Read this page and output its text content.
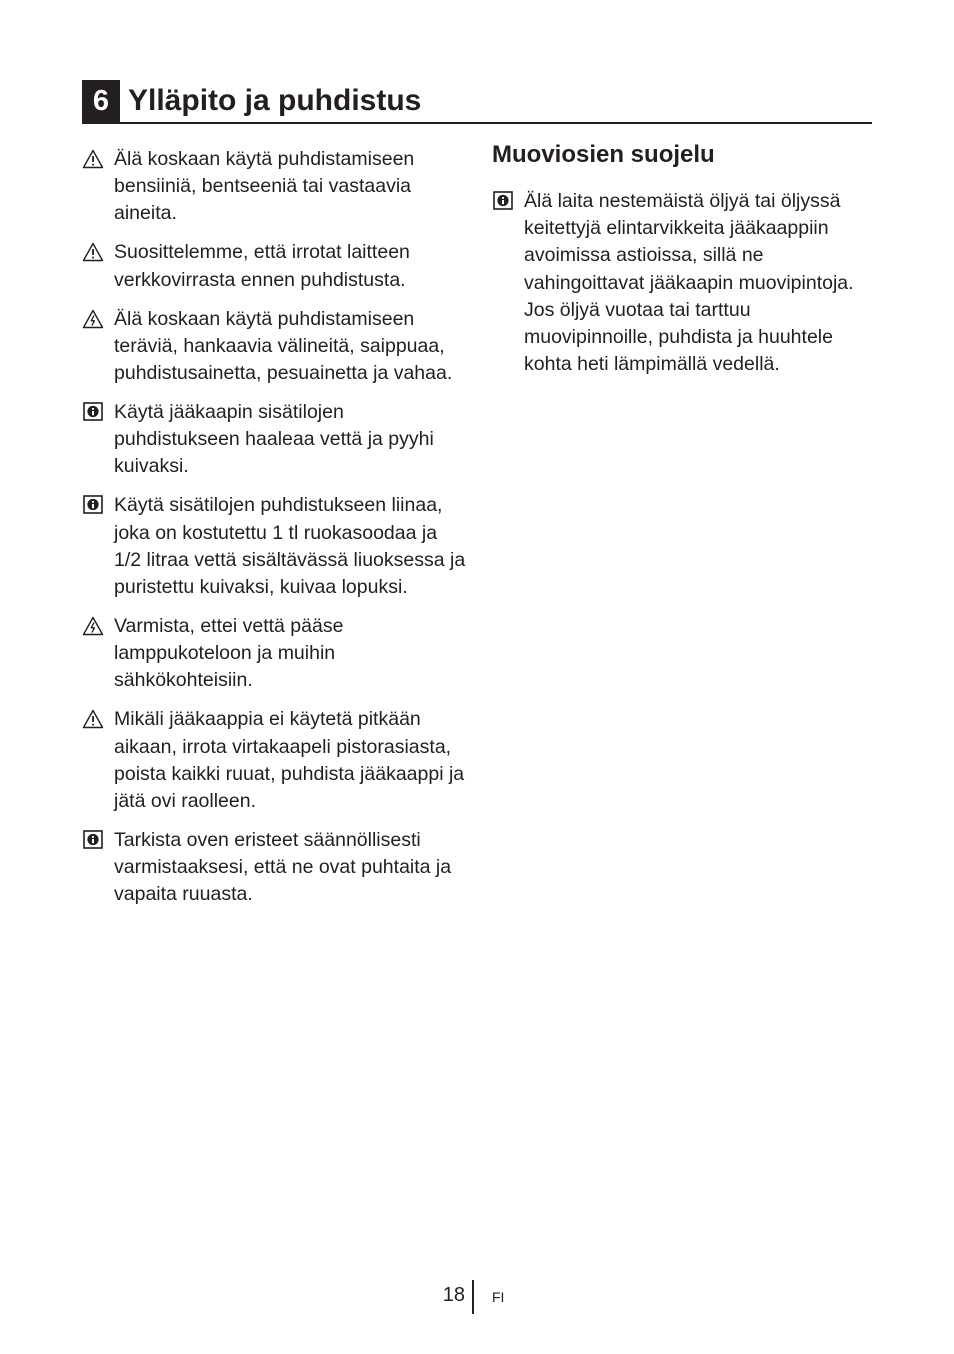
6 Ylläpito ja puhdistus
Älä koskaan käytä puhdistamiseen bensiiniä, bentseeniä tai vastaavia aineita.
Suosittelemme, että irrotat laitteen verkkovirrasta ennen puhdistusta.
Älä koskaan käytä puhdistamiseen teräviä, hankaavia välineitä, saippuaa, puhdistusainetta, pesuainetta ja vahaa.
Käytä jääkaapin sisätilojen puhdistukseen haaleaa vettä ja pyyhi kuivaksi.
Käytä sisätilojen puhdistukseen liinaa, joka on kostutettu 1 tl ruokasoodaa ja 1/2 litraa vettä sisältävässä liuoksessa ja puristettu kuivaksi, kuivaa lopuksi.
Varmista, ettei vettä pääse lamppukoteloon ja muihin sähkökohteisiin.
Mikäli jääkaappia ei käytetä pitkään aikaan, irrota virtakaapeli pistorasiasta, poista kaikki ruuat, puhdista jääkaappi ja jätä ovi raolleen.
Tarkista oven eristeet säännöllisesti varmistaaksesi, että ne ovat puhtaita ja vapaita ruuasta.
Muoviosien suojelu
Älä laita nestemäistä öljyä tai öljyssä keitettyjä elintarvikkeita jääkaappiin avoimissa astioissa, sillä ne vahingoittavat jääkaapin muovipintoja. Jos öljyä vuotaa tai tarttuu muovipinnoille, puhdista ja huuhtele kohta heti lämpimällä vedellä.
18 FI
